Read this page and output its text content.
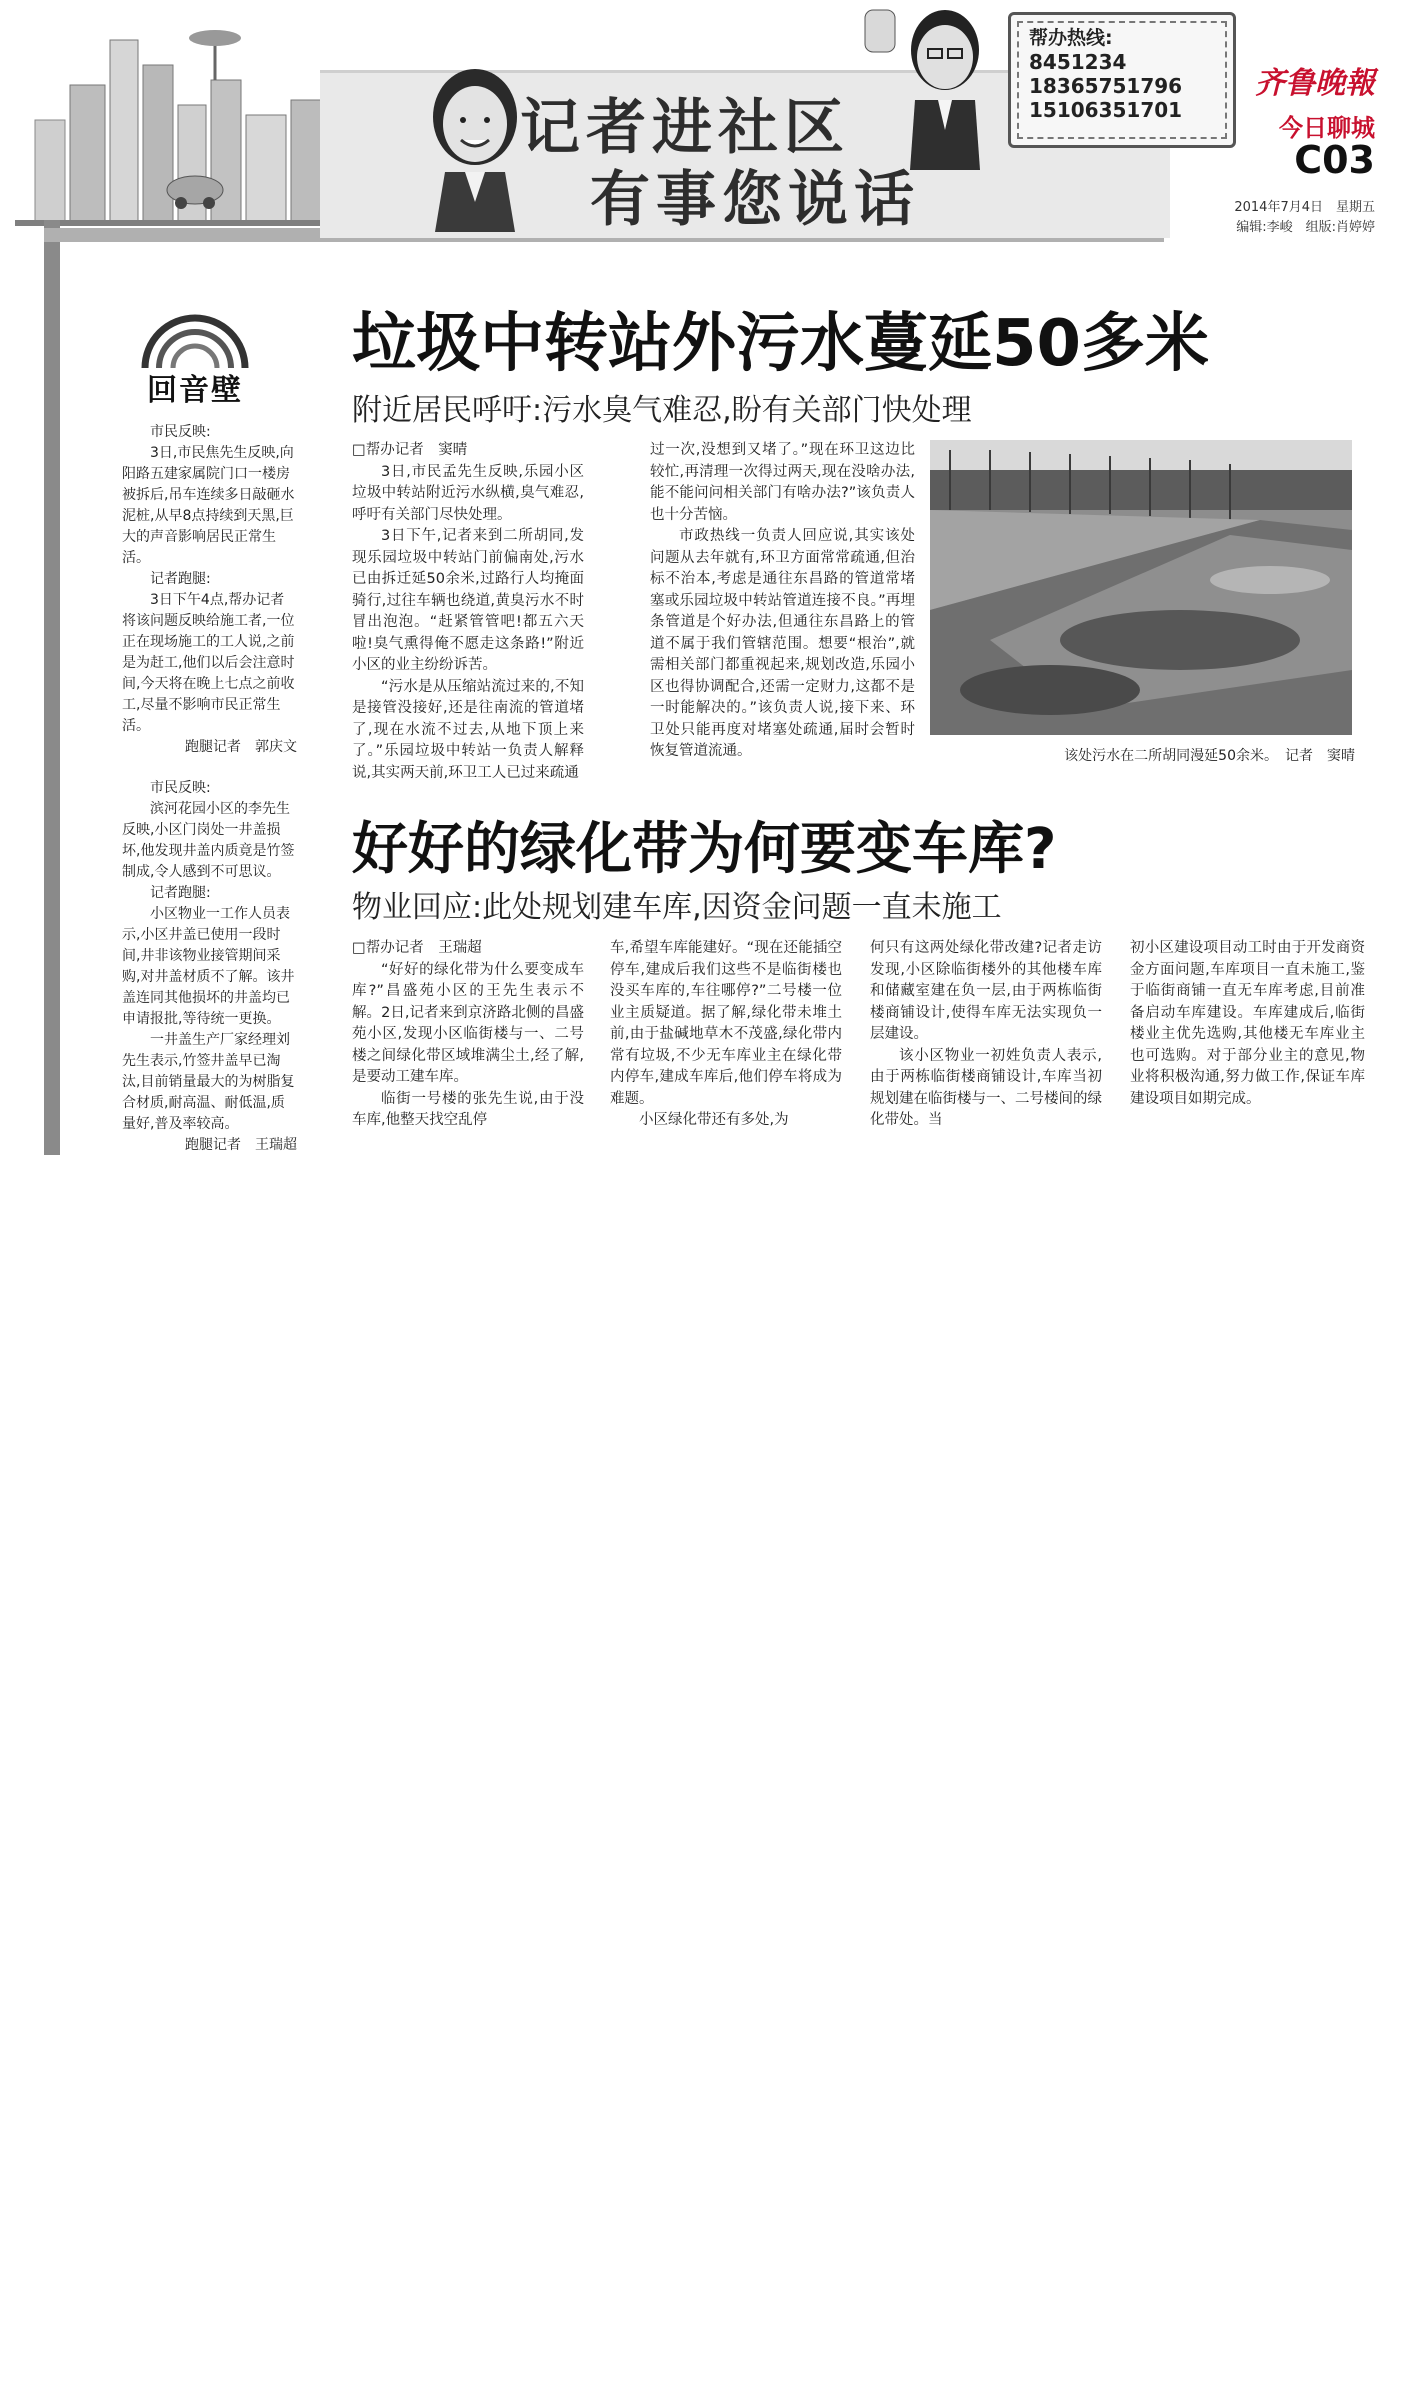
记者进社区
有事您说话
帮办热线:
8451234
18365751796
15106351701
齐鲁晚報
今日聊城
C03
2014年7月4日　星期五
编辑:李峻　组版:肖婷婷
回音壁

市民反映:

3日,市民焦先生反映,向阳路五建家属院门口一楼房被拆后,吊车连续多日敲砸水泥桩,从早8点持续到天黑,巨大的声音影响居民正常生活。

记者跑腿:

3日下午4点,帮办记者将该问题反映给施工者,一位正在现场施工的工人说,之前是为赶工,他们以后会注意时间,今天将在晚上七点之前收工,尽量不影响市民正常生活。

跑腿记者　郭庆文

市民反映:

滨河花园小区的李先生反映,小区门岗处一井盖损坏,他发现井盖内质竟是竹签制成,令人感到不可思议。

记者跑腿:

小区物业一工作人员表示,小区井盖已使用一段时间,井非该物业接管期间采购,对井盖材质不了解。该井盖连同其他损坏的井盖均已申请报批,等待统一更换。

一井盖生产厂家经理刘先生表示,竹签井盖早已淘汰,目前销量最大的为树脂复合材质,耐高温、耐低温,质量好,普及率较高。

跑腿记者　王瑞超

垃圾中转站外污水蔓延50多米
附近居民呼吁:污水臭气难忍,盼有关部门快处理

□帮办记者　窦晴

3日,市民孟先生反映,乐园小区垃圾中转站附近污水纵横,臭气难忍,呼吁有关部门尽快处理。

3日下午,记者来到二所胡同,发现乐园垃圾中转站门前偏南处,污水已由拆迁延50余米,过路行人均掩面骑行,过往车辆也绕道,黄臭污水不时冒出泡泡。“赶紧管管吧!都五六天啦!臭气熏得俺不愿走这条路!”附近小区的业主纷纷诉苦。

“污水是从压缩站流过来的,不知是接管没接好,还是往南流的管道堵了,现在水流不过去,从地下顶上来了。”乐园垃圾中转站一负责人解释说,其实两天前,环卫工人已过来疏通

过一次,没想到又堵了。”现在环卫这边比较忙,再清理一次得过两天,现在没啥办法,能不能问问相关部门有啥办法?”该负责人也十分苦恼。

市政热线一负责人回应说,其实该处问题从去年就有,环卫方面常常疏通,但治标不治本,考虑是通往东昌路的管道常堵塞或乐园垃圾中转站管道连接不良。”再埋条管道是个好办法,但通往东昌路上的管道不属于我们管辖范围。想要“根治”,就需相关部门都重视起来,规划改造,乐园小区也得协调配合,还需一定财力,这都不是一时能解决的。”该负责人说,接下来、环卫处只能再度对堵塞处疏通,届时会暂时恢复管道流通。	该处污水在二所胡同漫延50余米。　记者　窦晴
好好的绿化带为何要变车库?
物业回应:此处规划建车库,因资金问题一直未施工

□帮办记者　王瑞超

“好好的绿化带为什么要变成车库?”昌盛苑小区的王先生表示不解。2日,记者来到京济路北侧的昌盛苑小区,发现小区临街楼与一、二号楼之间绿化带区域堆满尘土,经了解,是要动工建车库。

临街一号楼的张先生说,由于没车库,他整天找空乱停

车,希望车库能建好。“现在还能插空停车,建成后我们这些不是临街楼也没买车库的,车往哪停?”二号楼一位业主质疑道。据了解,绿化带未堆土前,由于盐碱地草木不茂盛,绿化带内常有垃圾,不少无车库业主在绿化带内停车,建成车库后,他们停车将成为难题。

小区绿化带还有多处,为

何只有这两处绿化带改建?记者走访发现,小区除临街楼外的其他楼车库和储藏室建在负一层,由于两栋临街楼商铺设计,使得车库无法实现负一层建设。

该小区物业一初姓负责人表示,由于两栋临街楼商铺设计,车库当初规划建在临街楼与一、二号楼间的绿化带处。当

初小区建设项目动工时由于开发商资金方面问题,车库项目一直未施工,鉴于临街商铺一直无车库考虑,目前准备启动车库建设。车库建成后,临街楼业主优先选购,其他楼无车库业主也可选购。对于部分业主的意见,物业将积极沟通,努力做工作,保证车库建设项目如期完成。
